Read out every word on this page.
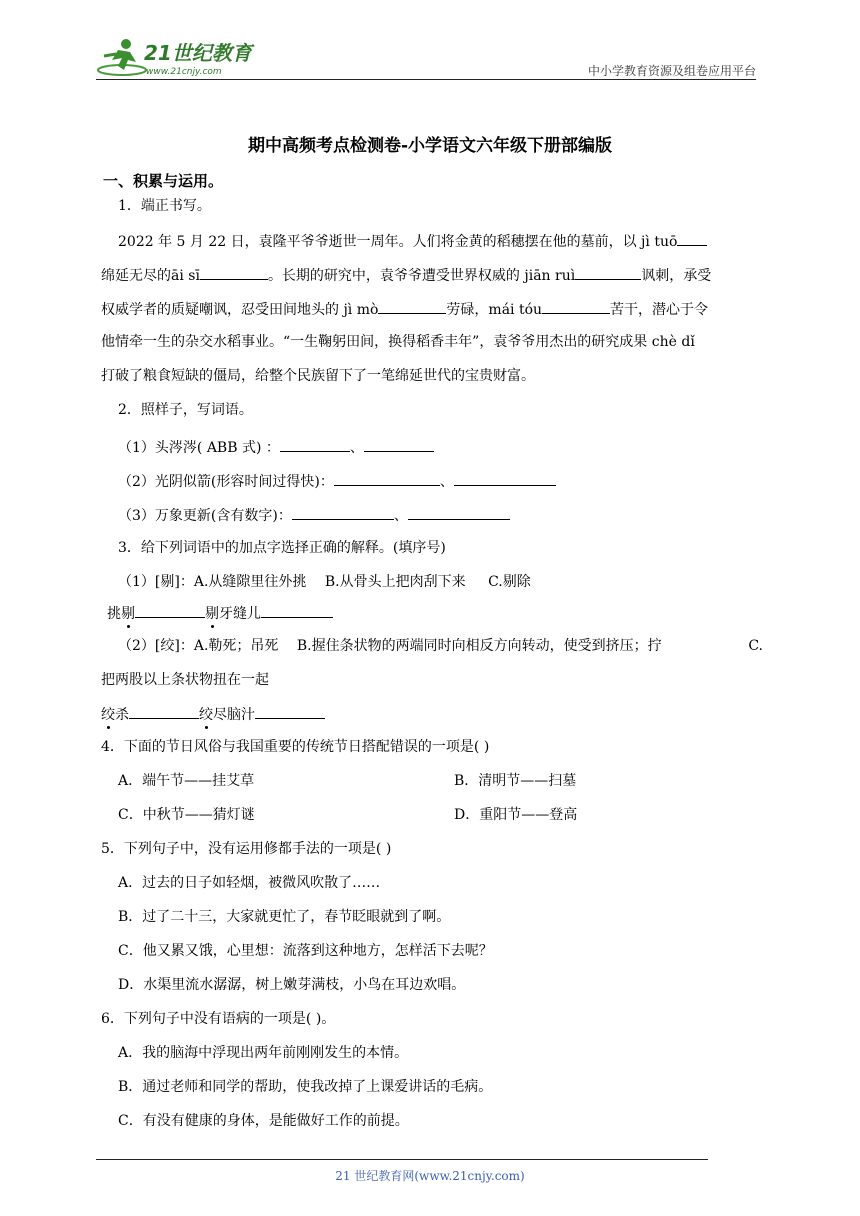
21世纪教育
www.21cnjy.com	中小学教育资源及组卷应用平台
期中高频考点检测卷-小学语文六年级下册部编版
一、积累与运用。
1．端正书写。
2022 年 5 月 22 日，袁隆平爷爷逝世一周年。人们将金黄的稻穗摆在他的墓前，以 jì tuō
绵延无尽的āi sī	。长期的研究中，袁爷爷遭受世界权威的 jiān ruì	讽刺，承受
权威学者的质疑嘲讽，忍受田间地头的 jì mò	劳碌，mái tóu	苦干，潜心于令
他情牵一生的杂交水稻事业。“一生鞠躬田间，换得稻香丰年”，袁爷爷用杰出的研究成果 chè dǐ
打破了粮食短缺的僵局，给整个民族留下了一笔绵延世代的宝贵财富。
2．照样子，写词语。
（1）头涔涔( ABB 式) ：	、
（2）光阴似箭(形容时间过得快)：	、
（3）万象更新(含有数字)：	、
3．给下列词语中的加点字选择正确的解释。(填序号)
（1）[剔]：A.从缝隙里往外挑 B.从骨头上把肉刮下来 C.剔除
挑剔	剔牙缝儿
（2）[绞]：A.勒死；吊死 B.握住条状物的两端同时向相反方向转动，使受到挤压；拧	C.
把两股以上条状物扭在一起
绞杀	绞尽脑汁
4．下面的节日风俗与我国重要的传统节日搭配错误的一项是( )
A．端午节——挂艾草	B．清明节——扫墓
C．中秋节——猜灯谜	D．重阳节——登高
5．下列句子中，没有运用修都手法的一项是( )
A．过去的日子如轻烟，被微风吹散了……
B．过了二十三，大家就更忙了，春节眨眼就到了啊。
C．他又累又饿，心里想：流落到这种地方，怎样活下去呢？
D．水渠里流水潺潺，树上嫩芽满枝，小鸟在耳边欢唱。
6．下列句子中没有语病的一项是( )。
A．我的脑海中浮现出两年前刚刚发生的本情。
B．通过老师和同学的帮助，使我改掉了上课爱讲话的毛病。
C．有没有健康的身体，是能做好工作的前提。
21 世纪教育网(www.21cnjy.com)
